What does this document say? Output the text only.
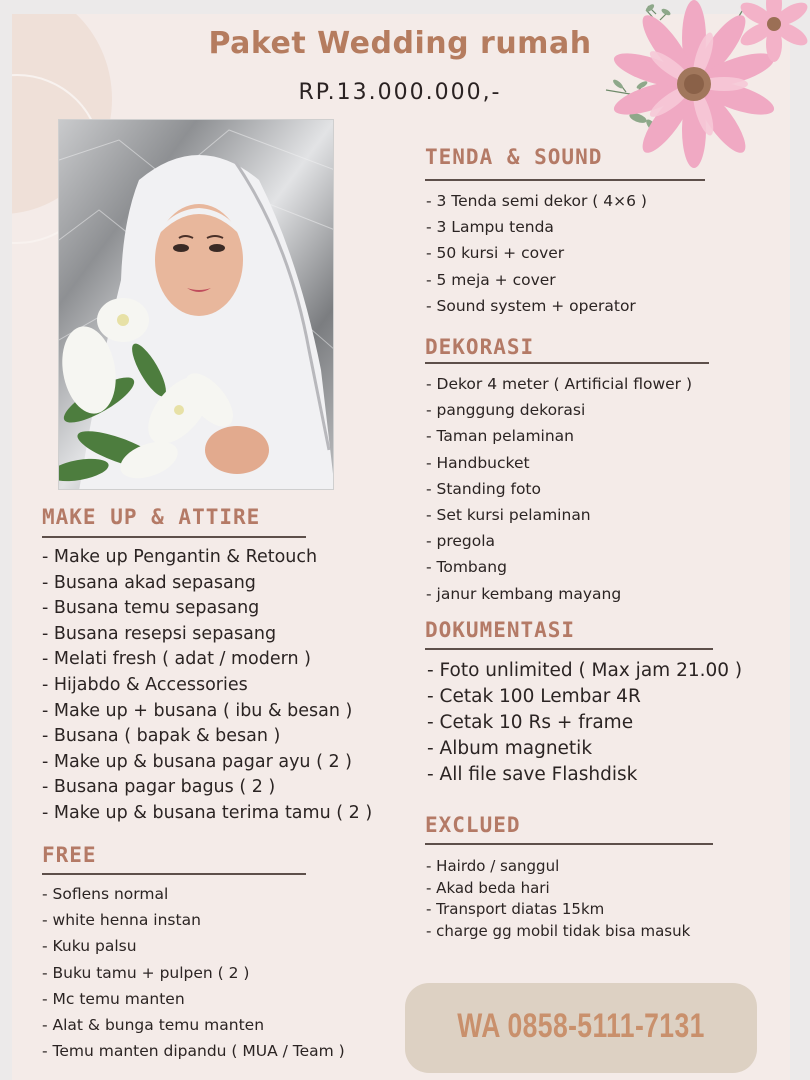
Paket Wedding rumah
RP.13.000.000,-
TENDA & SOUND
- 3 Tenda semi dekor ( 4×6 )
- 3 Lampu tenda
- 50 kursi + cover
- 5 meja + cover
- Sound system + operator
DEKORASI
- Dekor 4 meter ( Artificial flower )
- panggung dekorasi
- Taman pelaminan
- Handbucket
- Standing foto
- Set kursi pelaminan
- pregola
- Tombang
- janur kembang mayang
MAKE UP & ATTIRE
- Make up Pengantin & Retouch
- Busana akad sepasang
- Busana temu sepasang
- Busana resepsi sepasang
- Melati fresh ( adat / modern )
- Hijabdo & Accessories
- Make up + busana ( ibu & besan )
- Busana ( bapak & besan )
- Make up & busana pagar ayu ( 2 )
- Busana pagar bagus ( 2 )
- Make up & busana terima tamu ( 2 )
FREE
- Soflens normal
- white henna instan
- Kuku palsu
- Buku tamu + pulpen ( 2 )
- Mc temu manten
- Alat & bunga temu manten
- Temu manten dipandu ( MUA / Team )
DOKUMENTASI
- Foto unlimited ( Max jam 21.00 )
- Cetak 100 Lembar 4R
- Cetak 10 Rs + frame
- Album magnetik
- All file save Flashdisk
EXCLUED
- Hairdo / sanggul
- Akad beda hari
- Transport diatas 15km
- charge gg mobil tidak bisa masuk
WA 0858-5111-7131
